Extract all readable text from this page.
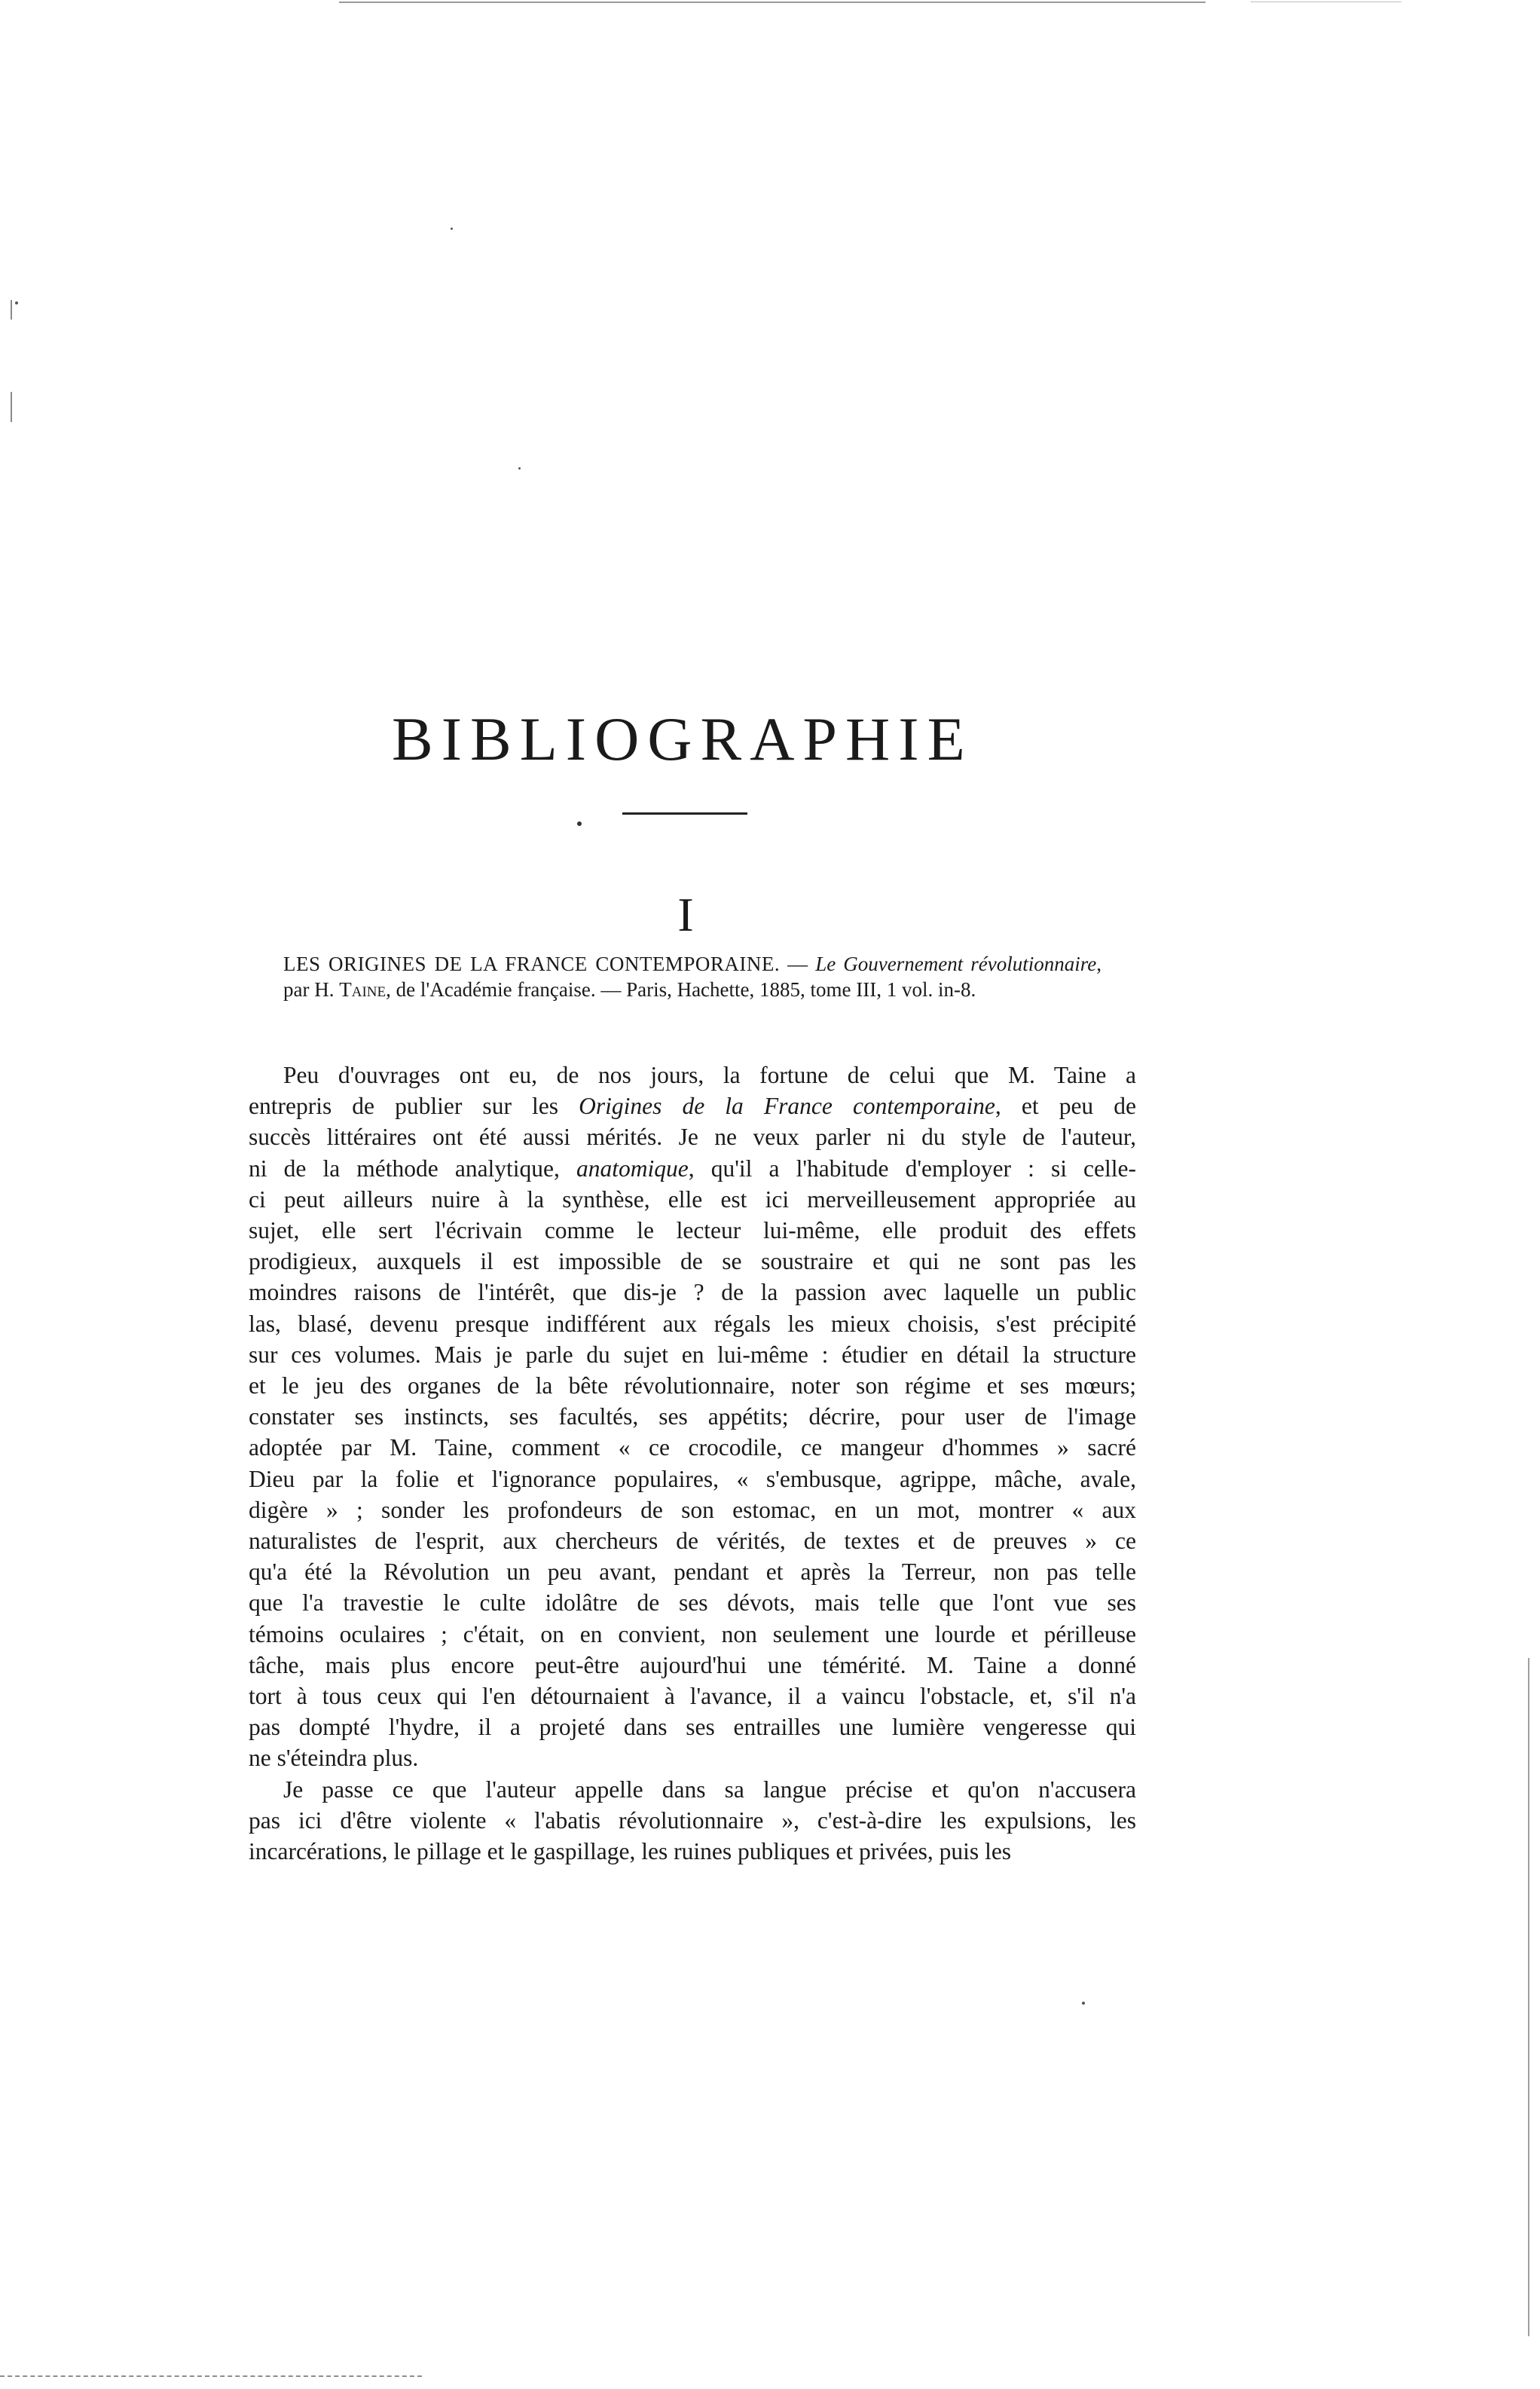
BIBLIOGRAPHIE
I

LES ORIGINES DE LA FRANCE CONTEMPORAINE. — Le Gouvernement révolutionnaire, par H. Taine, de l'Académie française. — Paris, Hachette, 1885, tome III, 1 vol. in-8.

Peu d'ouvrages ont eu, de nos jours, la fortune de celui que M. Taine a
entrepris de publier sur les Origines de la France contemporaine, et peu de
succès littéraires ont été aussi mérités. Je ne veux parler ni du style de l'auteur,
ni de la méthode analytique, anatomique, qu'il a l'habitude d'employer : si celle-
ci peut ailleurs nuire à la synthèse, elle est ici merveilleusement appropriée au
sujet, elle sert l'écrivain comme le lecteur lui-même, elle produit des effets
prodigieux, auxquels il est impossible de se soustraire et qui ne sont pas les
moindres raisons de l'intérêt, que dis-je ? de la passion avec laquelle un public
las, blasé, devenu presque indifférent aux régals les mieux choisis, s'est précipité
sur ces volumes. Mais je parle du sujet en lui-même : étudier en détail la structure
et le jeu des organes de la bête révolutionnaire, noter son régime et ses mœurs;
constater ses instincts, ses facultés, ses appétits; décrire, pour user de l'image
adoptée par M. Taine, comment « ce crocodile, ce mangeur d'hommes » sacré
Dieu par la folie et l'ignorance populaires, « s'embusque, agrippe, mâche, avale,
digère » ; sonder les profondeurs de son estomac, en un mot, montrer « aux
naturalistes de l'esprit, aux chercheurs de vérités, de textes et de preuves » ce
qu'a été la Révolution un peu avant, pendant et après la Terreur, non pas telle
que l'a travestie le culte idolâtre de ses dévots, mais telle que l'ont vue ses
témoins oculaires ; c'était, on en convient, non seulement une lourde et périlleuse
tâche, mais plus encore peut-être aujourd'hui une témérité. M. Taine a donné
tort à tous ceux qui l'en détournaient à l'avance, il a vaincu l'obstacle, et, s'il n'a
pas dompté l'hydre, il a projeté dans ses entrailles une lumière vengeresse qui
ne s'éteindra plus.
Je passe ce que l'auteur appelle dans sa langue précise et qu'on n'accusera
pas ici d'être violente « l'abatis révolutionnaire », c'est-à-dire les expulsions, les
incarcérations, le pillage et le gaspillage, les ruines publiques et privées, puis les
